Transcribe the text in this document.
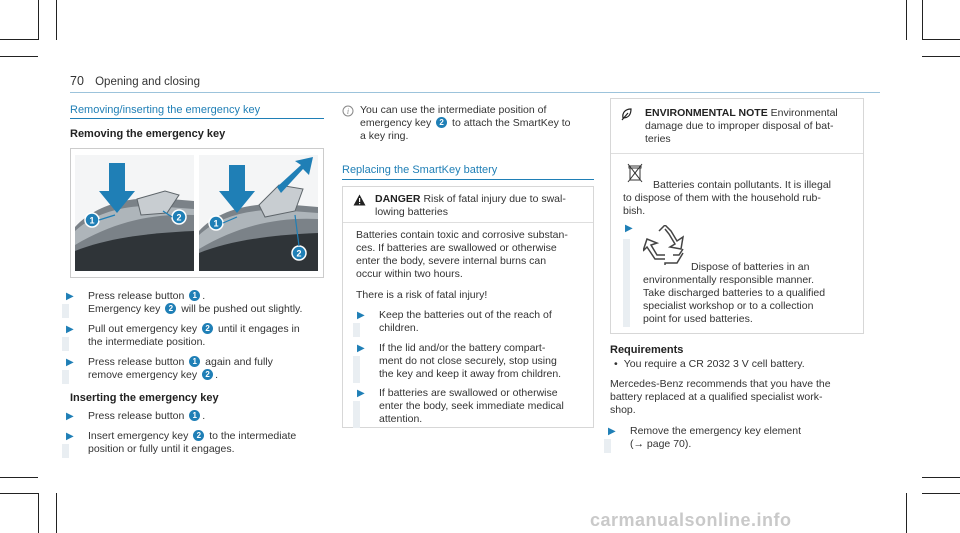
70 Opening and closing
Removing/inserting the emergency key
Removing the emergency key
1	2
1
2
▶ Press release button 1 .
Emergency key 2 will be pushed out slightly.
▶ Pull out emergency key 2 until it engages in
the intermediate position.
▶ Press release button 1 again and fully
remove emergency key 2 .
Inserting the emergency key
▶ Press release button 1 .
▶ Insert emergency key 2 to the intermediate
position or fully until it engages.
i You can use the intermediate position of
emergency key 2 to attach the SmartKey to
a key ring.
Replacing the SmartKey battery
DANGER Risk of fatal injury due to swal-
lowing batteries
Batteries contain toxic and corrosive substan-
ces. If batteries are swallowed or otherwise
enter the body, severe internal burns can
occur within two hours.
There is a risk of fatal injury!
▶ Keep the batteries out of the reach of
children.
▶ If the lid and/or the battery compart-
ment do not close securely, stop using
the key and keep it away from children.
▶ If batteries are swallowed or otherwise
enter the body, seek immediate medical
attention.
ENVIRONMENTAL NOTE Environmental
damage due to improper disposal of bat-
teries
Batteries contain pollutants. It is illegal
to dispose of them with the household rub-
bish.
▶
Dispose of batteries in an
environmentally responsible manner.
Take discharged batteries to a qualified
specialist workshop or to a collection
point for used batteries.
Requirements
• You require a CR 2032 3 V cell battery.
Mercedes-Benz recommends that you have the
battery replaced at a qualified specialist work-
shop.
▶ Remove the emergency key element
(→ page 70).
carmanualsonline.info
